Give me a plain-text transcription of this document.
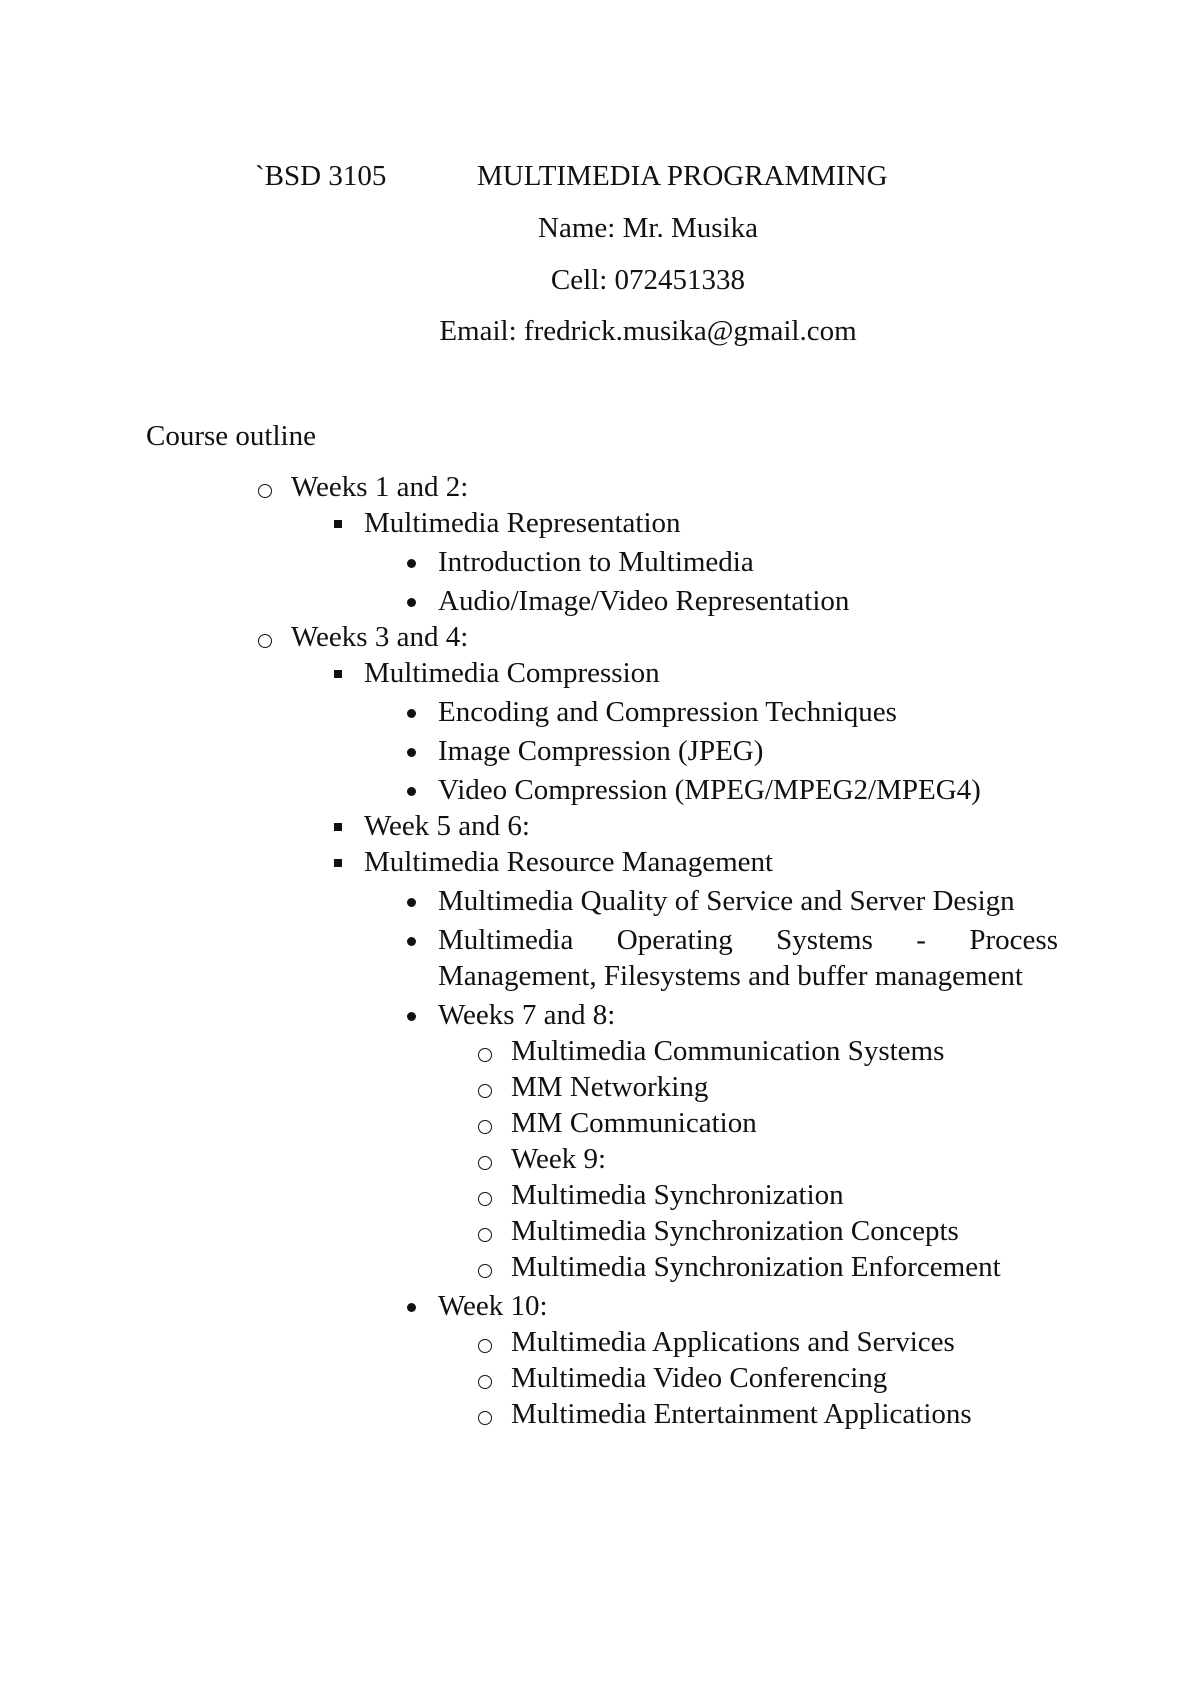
`BSD 3105	MULTIMEDIA PROGRAMMING
Name: Mr. Musika
Cell: 072451338
Email: fredrick.musika@gmail.com
Course outline
Weeks 1 and 2:
Multimedia Representation
Introduction to Multimedia
Audio/Image/Video Representation
Weeks 3 and 4:
Multimedia Compression
Encoding and Compression Techniques
Image Compression (JPEG)
Video Compression (MPEG/MPEG2/MPEG4)
Week 5 and 6:
Multimedia Resource Management
Multimedia Quality of Service and Server Design
Multimedia Operating Systems - Process Management, Filesystems and buffer management
Weeks 7 and 8:
Multimedia Communication Systems
MM Networking
MM Communication
Week 9:
Multimedia Synchronization
Multimedia Synchronization Concepts
Multimedia Synchronization Enforcement
Week 10:
Multimedia Applications and Services
Multimedia Video Conferencing
Multimedia Entertainment Applications
